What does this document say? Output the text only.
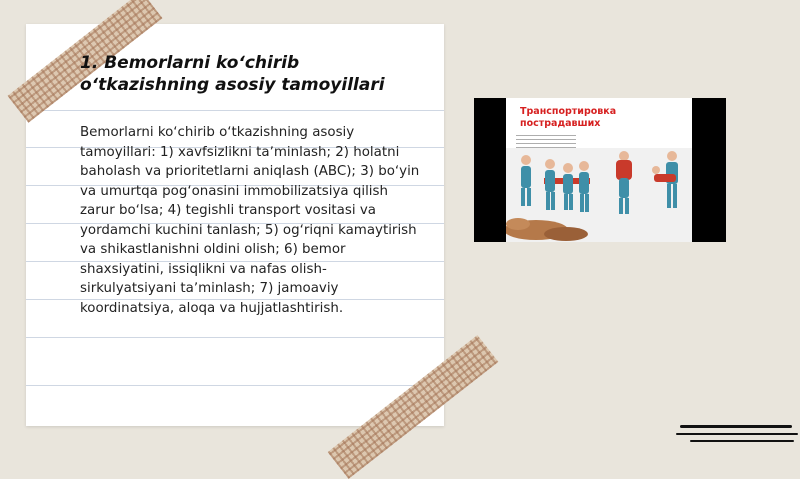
1. Bemorlarni koʻchirib oʻtkazishning asosiy tamoyillari
Bemorlarni koʻchirib oʻtkazishning asosiy tamoyillari: 1) xavfsizlikni taʼminlash; 2) holatni baholash va prioritetlarni aniqlash (ABC); 3) boʻyin va umurtqa pogʻonasini immobilizatsiya qilish zarur boʻlsa; 4) tegishli transport vositasi va yordamchi kuchini tanlash; 5) ogʻriqni kamaytirish va shikastlanishni oldini olish; 6) bemor shaxsiyatini, issiqlikni va nafas olish-sirkulyatsiyani taʼminlash; 7) jamoaviy koordinatsiya, aloqa va hujjatlashtirish.
Транспортировка пострадавших
